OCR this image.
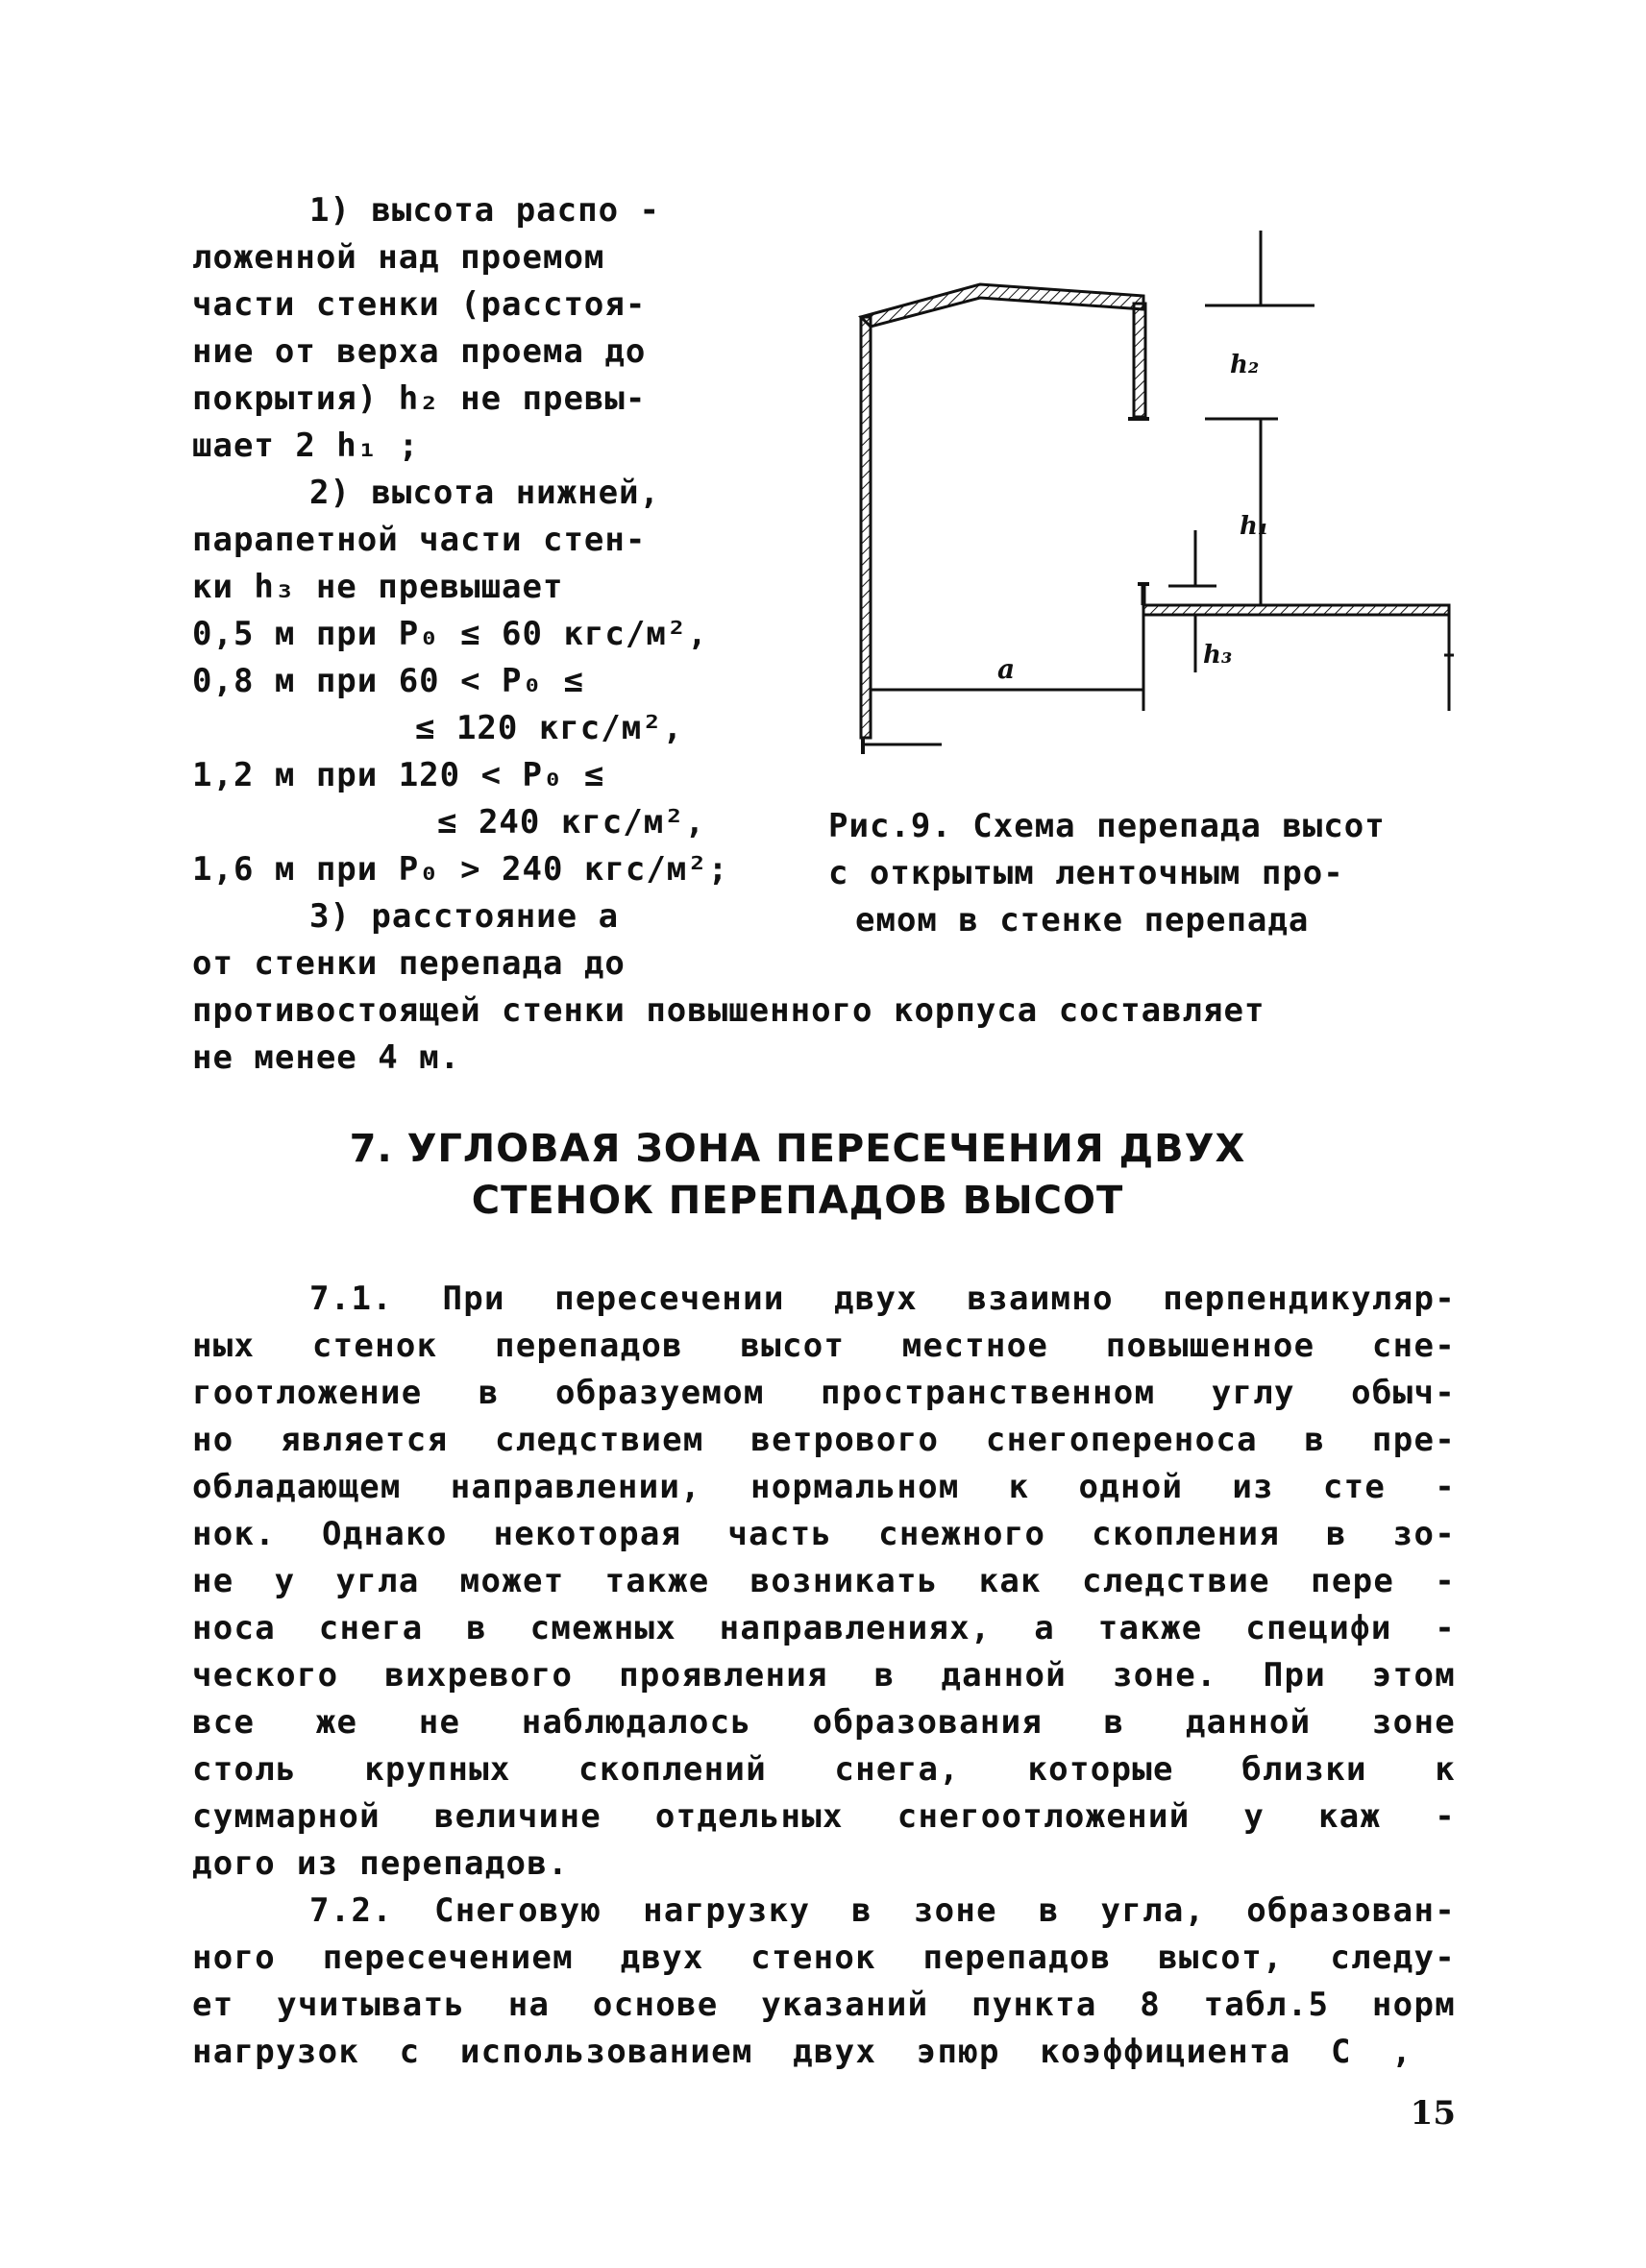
1) высота распо -
ложенной над проемом
части стенки (расстоя-
ние от верха проема до
покрытия) h₂ не превы-
шает 2 h₁ ;
2) высота нижней,
парапетной части стен-
ки h₃ не превышает
0,5 м при P₀ ≤ 60 кгс/м²,
0,8 м при 60 < P₀ ≤
≤ 120 кгс/м²,
1,2 м при 120 < P₀ ≤
≤ 240 кгс/м²,
1,6 м при P₀ > 240 кгс/м²;
3) расстояние a
от стенки перепада до
противостоящей стенки повышенного корпуса составляет
не менее 4 м.
h₂
h₁
h₃
a
Рис.9. Схема перепада высот
с открытым ленточным про-
емом в стенке перепада
7. УГЛОВАЯ ЗОНА ПЕРЕСЕЧЕНИЯ ДВУХ
СТЕНОК ПЕРЕПАДОВ ВЫСОТ
7.1. При пересечении двух взаимно перпендикуляр-
ных стенок перепадов высот местное повышенное сне-
гоотложение в образуемом пространственном углу обыч-
но является следствием ветрового снегопереноса в пре-
обладающем направлении, нормальном к одной из сте -
нок. Однако некоторая часть снежного скопления в зо-
не у угла может также возникать как следствие пере -
носа снега в смежных направлениях, а также специфи -
ческого вихревого проявления в данной зоне. При этом
все же не наблюдалось образования в данной зоне
столь крупных скоплений снега, которые близки к
суммарной величине отдельных снегоотложений у каж -
дого из перепадов.
7.2. Снеговую нагрузку в зоне в угла, образован-
ного пересечением двух стенок перепадов высот, следу-
ет учитывать на основе указаний пункта 8 табл.5 норм
нагрузок с использованием двух эпюр коэффициента C ,
15
